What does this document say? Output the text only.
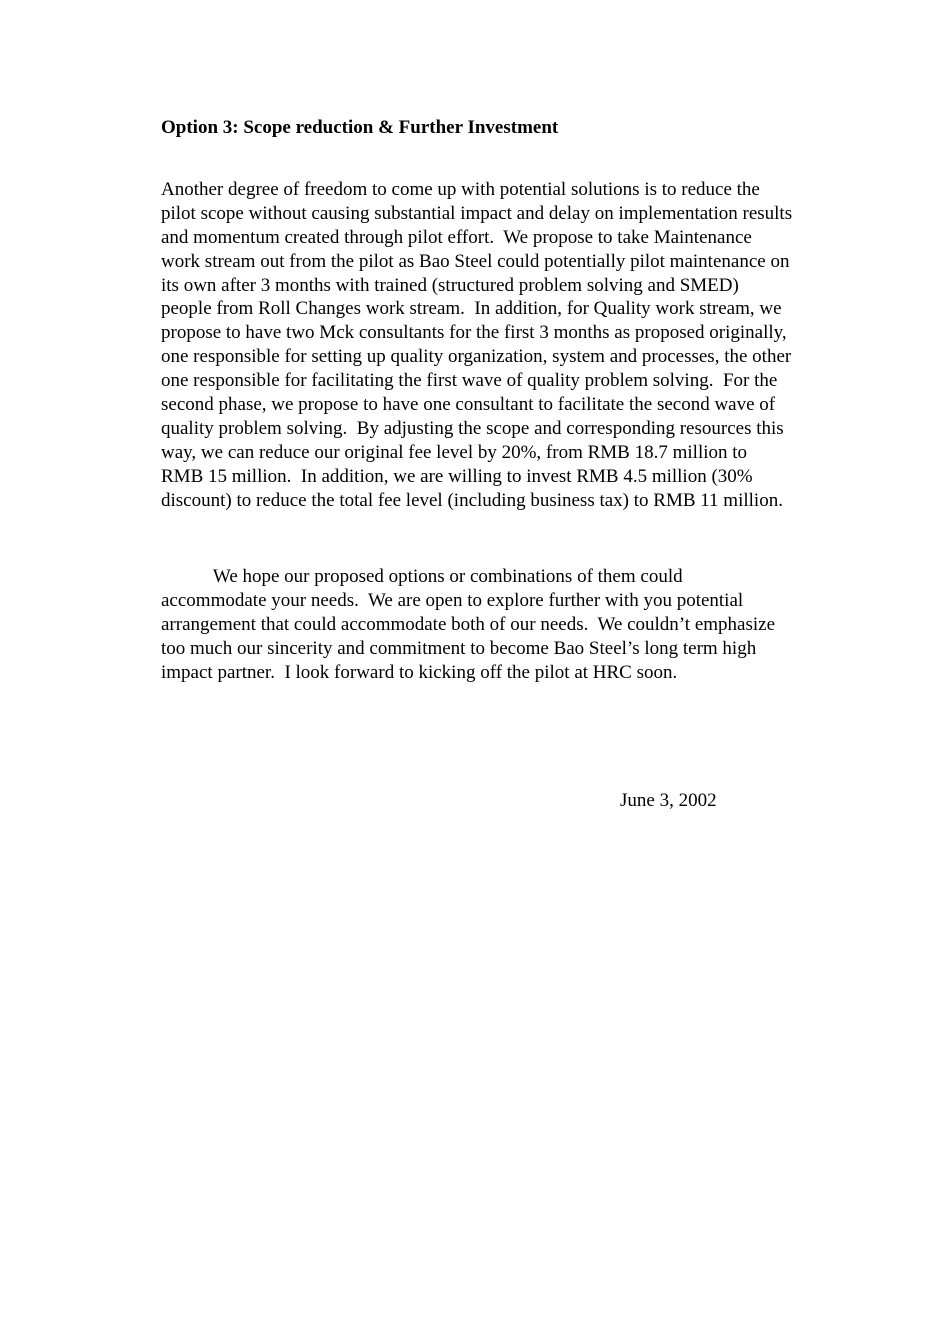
Option 3: Scope reduction & Further Investment

Another degree of freedom to come up with potential solutions is to reduce the
pilot scope without causing substantial impact and delay on implementation results
and momentum created through pilot effort.  We propose to take Maintenance
work stream out from the pilot as Bao Steel could potentially pilot maintenance on
its own after 3 months with trained (structured problem solving and SMED)
people from Roll Changes work stream.  In addition, for Quality work stream, we
propose to have two Mck consultants for the first 3 months as proposed originally,
one responsible for setting up quality organization, system and processes, the other
one responsible for facilitating the first wave of quality problem solving.  For the
second phase, we propose to have one consultant to facilitate the second wave of
quality problem solving.  By adjusting the scope and corresponding resources this
way, we can reduce our original fee level by 20%, from RMB 18.7 million to
RMB 15 million.  In addition, we are willing to invest RMB 4.5 million (30%
discount) to reduce the total fee level (including business tax) to RMB 11 million.

We hope our proposed options or combinations of them could
accommodate your needs.  We are open to explore further with you potential
arrangement that could accommodate both of our needs.  We couldn’t emphasize
too much our sincerity and commitment to become Bao Steel’s long term high
impact partner.  I look forward to kicking off the pilot at HRC soon.

June 3, 2002
